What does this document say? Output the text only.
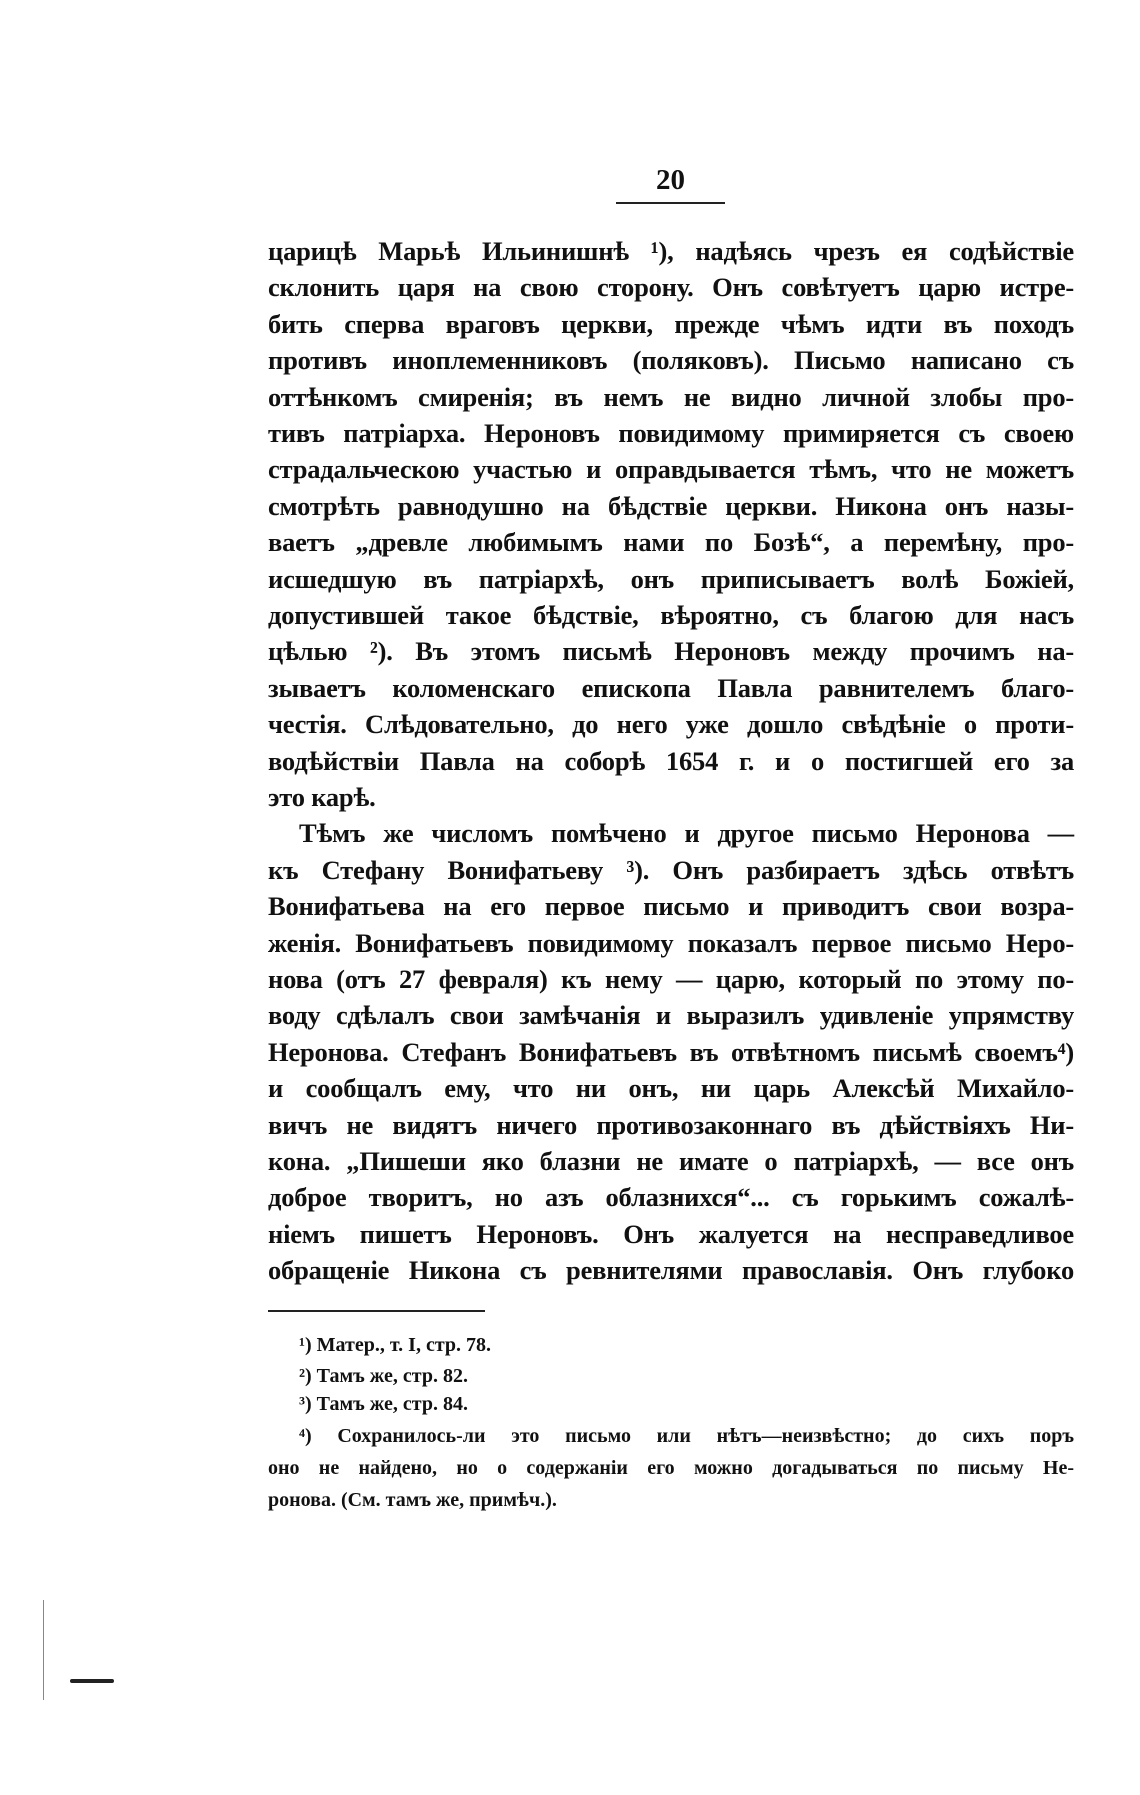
20
царицѣ Марьѣ Ильинишнѣ ¹), надѣясь чрезъ ея содѣйствіе
склонить царя на свою сторону. Онъ совѣтуетъ царю истре-
бить сперва враговъ церкви, прежде чѣмъ идти въ походъ
противъ иноплеменниковъ (поляковъ). Письмо написано съ
оттѣнкомъ смиренія; въ немъ не видно личной злобы про-
тивъ патріарха. Нероновъ повидимому примиряется съ своею
страдальческою участью и оправдывается тѣмъ, что не можетъ
смотрѣть равнодушно на бѣдствіе церкви. Никона онъ назы-
ваетъ „древле любимымъ нами по Бозѣ“, а перемѣну, про-
исшедшую въ патріархѣ, онъ приписываетъ волѣ Божіей,
допустившей такое бѣдствіе, вѣроятно, съ благою для насъ
цѣлью ²). Въ этомъ письмѣ Нероновъ между прочимъ на-
зываетъ коломенскаго епископа Павла равнителемъ благо-
честія. Слѣдовательно, до него уже дошло свѣдѣніе о проти-
водѣйствіи Павла на соборѣ 1654 г. и о постигшей его за
это карѣ.
Тѣмъ же числомъ помѣчено и другое письмо Неронова —
къ Стефану Вонифатьеву ³). Онъ разбираетъ здѣсь отвѣтъ
Вонифатьева на его первое письмо и приводитъ свои возра-
женія. Вонифатьевъ повидимому показалъ первое письмо Неро-
нова (отъ 27 февраля) къ нему — царю, который по этому по-
воду сдѣлалъ свои замѣчанія и выразилъ удивленіе упрямству
Неронова. Стефанъ Вонифатьевъ въ отвѣтномъ письмѣ своемъ⁴)
и сообщалъ ему, что ни онъ, ни царь Алексѣй Михайло-
вичъ не видятъ ничего противозаконнаго въ дѣйствіяхъ Ни-
кона. „Пишеши яко блазни не имате о патріархѣ, — все онъ
доброе творитъ, но азъ облазнихся“... съ горькимъ сожалѣ-
ніемъ пишетъ Нероновъ. Онъ жалуется на несправедливое
обращеніе Никона съ ревнителями православія. Онъ глубоко
¹) Матер., т. I, стр. 78.
²) Тамъ же, стр. 82.
³) Тамъ же, стр. 84.
⁴) Сохранилось-ли это письмо или нѣтъ—неизвѣстно; до сихъ поръ
оно не найдено, но о содержаніи его можно догадываться по письму Не-
ронова. (См. тамъ же, примѣч.).
